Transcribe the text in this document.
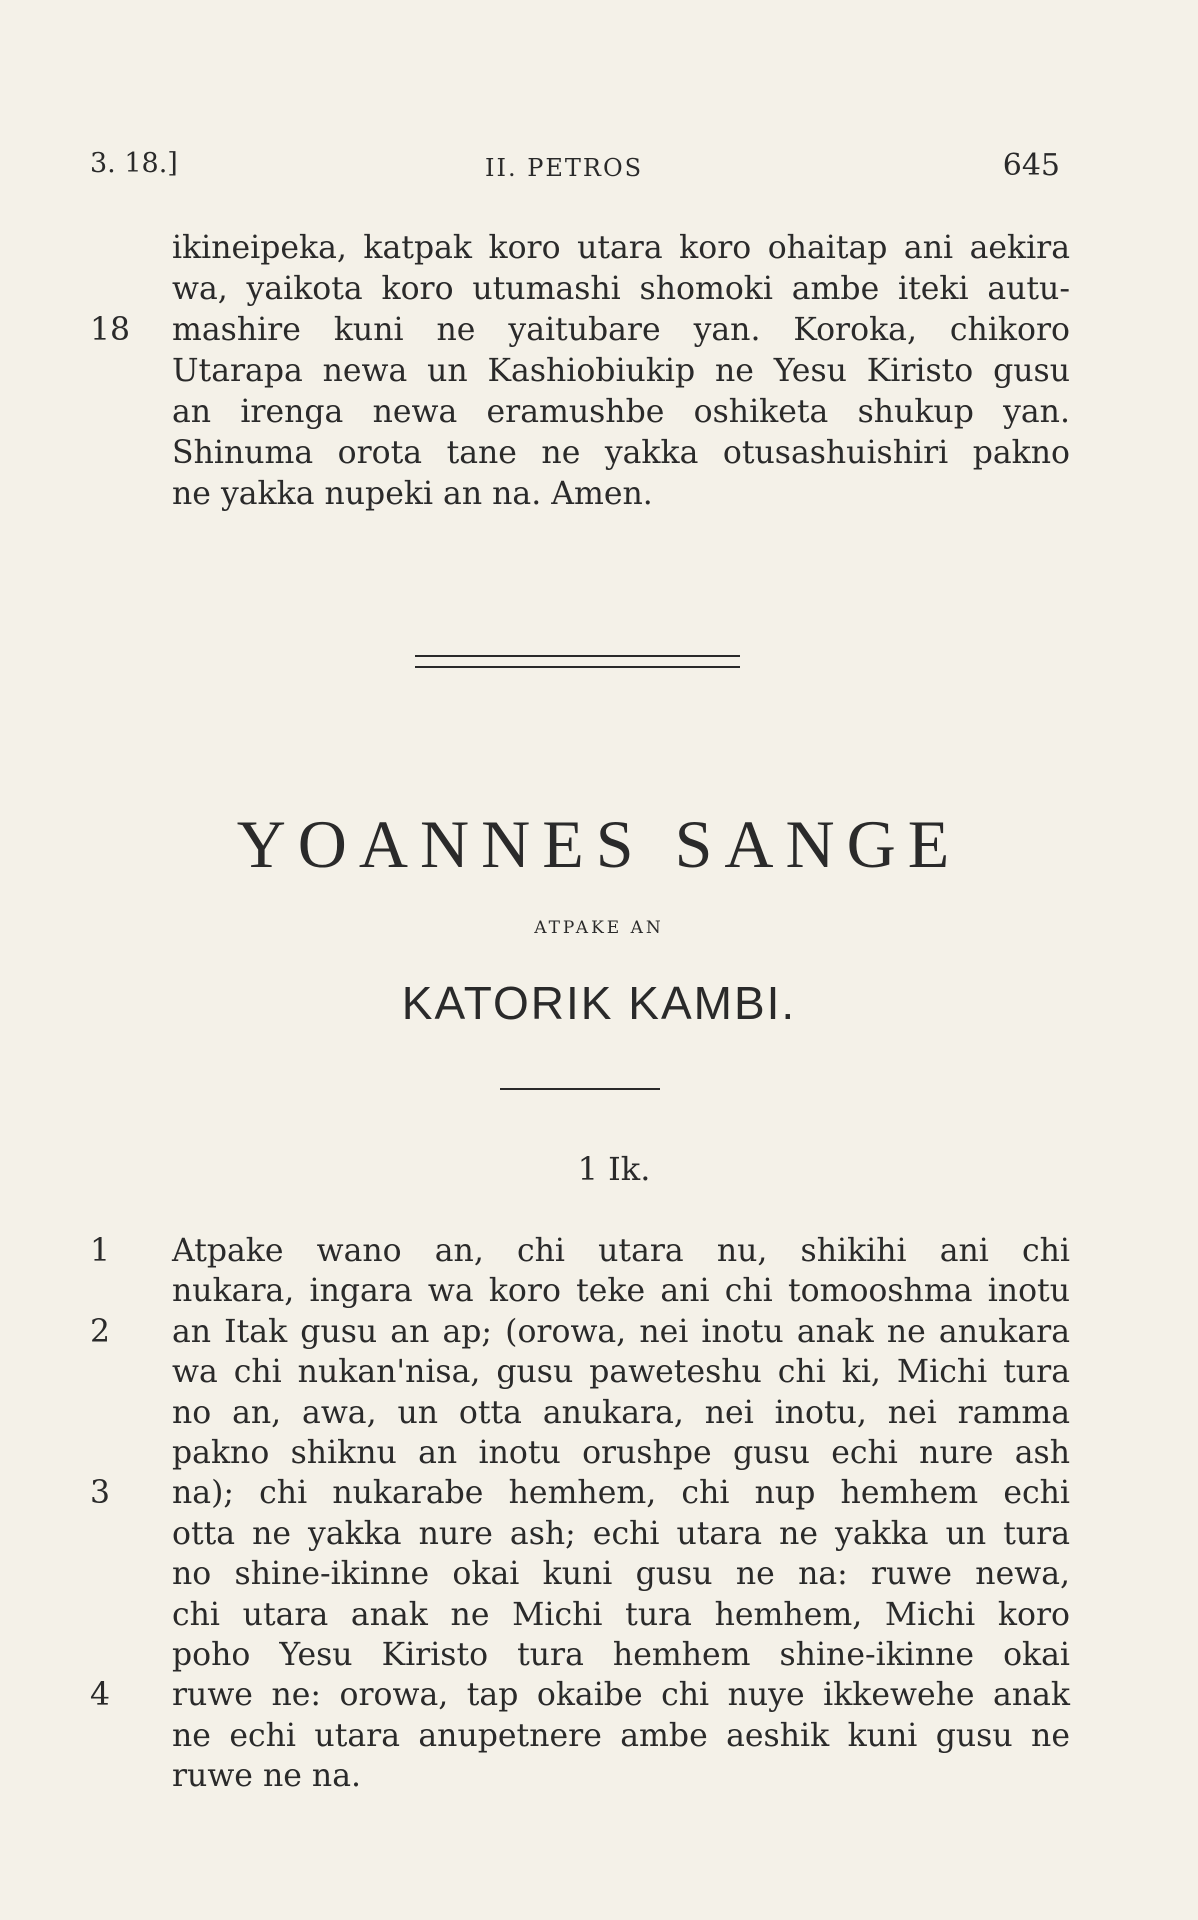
3. 18.]	II. PETROS	645
ikineipeka, katpak koro utara koro ohaitap ani aekira
wa, yaikota koro utumashi shomoki ambe iteki autu-
18	mashire kuni ne yaitubare yan. Koroka, chikoro
Utarapa newa un Kashiobiukip ne Yesu Kiristo gusu
an irenga newa eramushbe oshiketa shukup yan.
Shinuma orota tane ne yakka otusashuishiri pakno
ne yakka nupeki an na. Amen.
YOANNES SANGE
ATPAKE AN
KATORIK KAMBI.
1 Ik.
1	Atpake wano an, chi utara nu, shikihi ani chi
nukara, ingara wa koro teke ani chi tomooshma inotu
2	an Itak gusu an ap; (orowa, nei inotu anak ne anukara
wa chi nukan'nisa, gusu paweteshu chi ki, Michi tura
no an, awa, un otta anukara, nei inotu, nei ramma
pakno shiknu an inotu orushpe gusu echi nure ash
3	na); chi nukarabe hemhem, chi nup hemhem echi
otta ne yakka nure ash; echi utara ne yakka un tura
no shine-ikinne okai kuni gusu ne na: ruwe newa,
chi utara anak ne Michi tura hemhem, Michi koro
poho Yesu Kiristo tura hemhem shine-ikinne okai
4	ruwe ne: orowa, tap okaibe chi nuye ikkewehe anak
ne echi utara anupetnere ambe aeshik kuni gusu ne
ruwe ne na.
